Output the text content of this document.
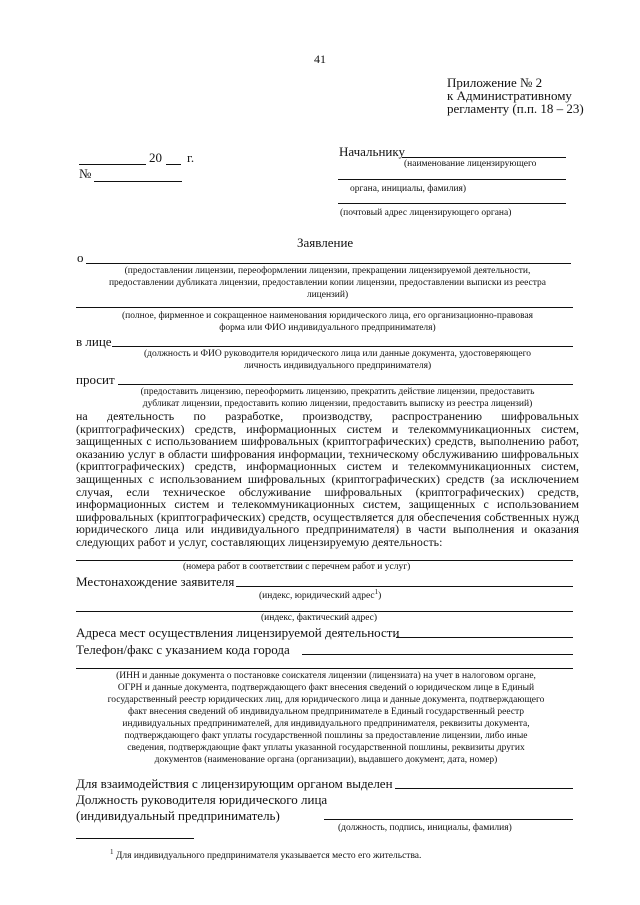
41
Приложение № 2
к Административному
регламенту (п.п. 18 – 23)
20 г.
№
Начальнику
(наименование лицензирующего
органа, инициалы, фамилия)
(почтовый адрес лицензирующего органа)
Заявление
о
(предоставлении лицензии, переоформлении лицензии, прекращении лицензируемой деятельности,
предоставлении дубликата лицензии, предоставлении копии лицензии, предоставлении выписки из реестра
лицензий)
(полное, фирменное и сокращенное наименования юридического лица, его организационно-правовая
форма или ФИО индивидуального предпринимателя)
в лице
(должность и ФИО руководителя юридического лица или данные документа, удостоверяющего
личность индивидуального предпринимателя)
просит
(предоставить лицензию, переоформить лицензию, прекратить действие лицензии, предоставить
дубликат лицензии, предоставить копию лицензии, предоставить выписку из реестра лицензий)
на деятельность по разработке, производству, распространению шифровальных (криптографических) средств, информационных систем и телекоммуникационных систем, защищенных с использованием шифровальных (криптографических) средств, выполнению работ, оказанию услуг в области шифрования информации, техническому обслуживанию шифровальных (криптографических) средств, информационных систем и телекоммуникационных систем, защищенных с использованием шифровальных (криптографических) средств (за исключением случая, если техническое обслуживание шифровальных (криптографических) средств, информационных систем и телекоммуникационных систем, защищенных с использованием шифровальных (криптографических) средств, осуществляется для обеспечения собственных нужд юридического лица или индивидуального предпринимателя) в части выполнения и оказания следующих работ и услуг, составляющих лицензируемую деятельность:
(номера работ в соответствии с перечнем работ и услуг)
Местонахождение заявителя
(индекс, юридический адрес$^1$)
(индекс, фактический адрес)
Адреса мест осуществления лицензируемой деятельности
Телефон/факс с указанием кода города
(ИНН и данные документа о постановке соискателя лицензии (лицензиата) на учет в налоговом органе,
ОГРН и данные документа, подтверждающего факт внесения сведений о юридическом лице в Единый
государственный реестр юридических лиц, для юридического лица и данные документа, подтверждающего
факт внесения сведений об индивидуальном предпринимателе в Единый государственный реестр
индивидуальных предпринимателей, для индивидуального предпринимателя, реквизиты документа,
подтверждающего факт уплаты государственной пошлины за предоставление лицензии, либо иные
сведения, подтверждающие факт уплаты указанной государственной пошлины, реквизиты других
документов (наименование органа (организации), выдавшего документ, дата, номер)
Для взаимодействия с лицензирующим органом выделен
Должность руководителя юридического лица
(индивидуальный предприниматель)
(должность, подпись, инициалы, фамилия)
$^1$ Для индивидуального предпринимателя указывается место его жительства.
